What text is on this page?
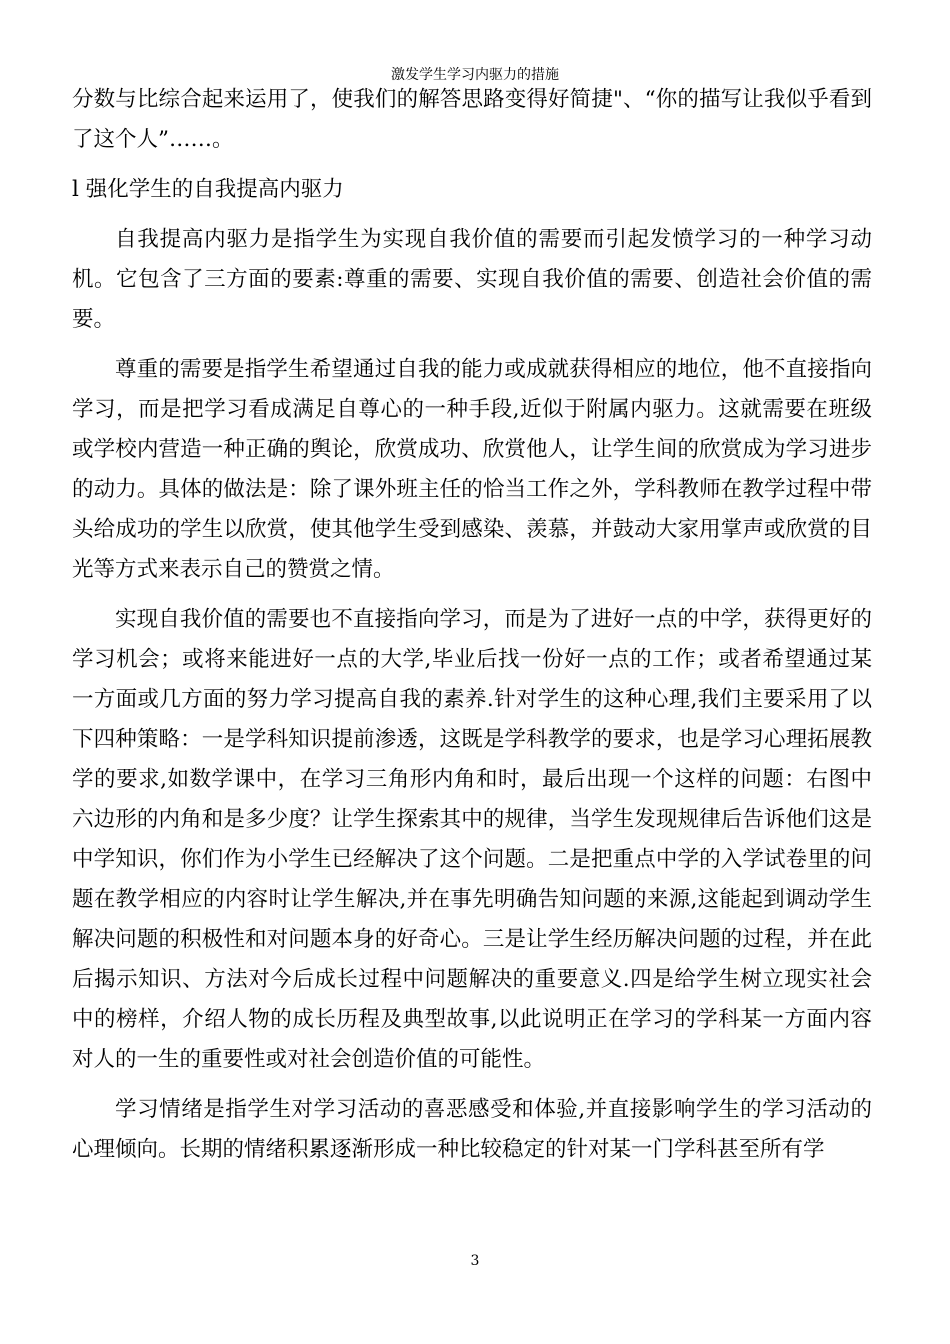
激发学生学习内驱力的措施

分数与比综合起来运用了，使我们的解答思路变得好简捷"、“你的描写让我似乎看到了这个人”……。

l 强化学生的自我提高内驱力

自我提高内驱力是指学生为实现自我价值的需要而引起发愤学习的一种学习动机。它包含了三方面的要素:尊重的需要、实现自我价值的需要、创造社会价值的需要。

尊重的需要是指学生希望通过自我的能力或成就获得相应的地位，他不直接指向学习，而是把学习看成满足自尊心的一种手段,近似于附属内驱力。这就需要在班级或学校内营造一种正确的舆论，欣赏成功、欣赏他人，让学生间的欣赏成为学习进步的动力。具体的做法是：除了课外班主任的恰当工作之外，学科教师在教学过程中带头给成功的学生以欣赏，使其他学生受到感染、羡慕，并鼓动大家用掌声或欣赏的目光等方式来表示自己的赞赏之情。

实现自我价值的需要也不直接指向学习，而是为了进好一点的中学，获得更好的学习机会；或将来能进好一点的大学,毕业后找一份好一点的工作；或者希望通过某一方面或几方面的努力学习提高自我的素养.针对学生的这种心理,我们主要采用了以下四种策略：一是学科知识提前渗透，这既是学科教学的要求，也是学习心理拓展教学的要求,如数学课中，在学习三角形内角和时，最后出现一个这样的问题：右图中六边形的内角和是多少度？让学生探索其中的规律，当学生发现规律后告诉他们这是中学知识，你们作为小学生已经解决了这个问题。二是把重点中学的入学试卷里的问题在教学相应的内容时让学生解决,并在事先明确告知问题的来源,这能起到调动学生解决问题的积极性和对问题本身的好奇心。三是让学生经历解决问题的过程，并在此后揭示知识、方法对今后成长过程中问题解决的重要意义.四是给学生树立现实社会中的榜样，介绍人物的成长历程及典型故事,以此说明正在学习的学科某一方面内容对人的一生的重要性或对社会创造价值的可能性。

学习情绪是指学生对学习活动的喜恶感受和体验,并直接影响学生的学习活动的心理倾向。长期的情绪积累逐渐形成一种比较稳定的针对某一门学科甚至所有学

3
